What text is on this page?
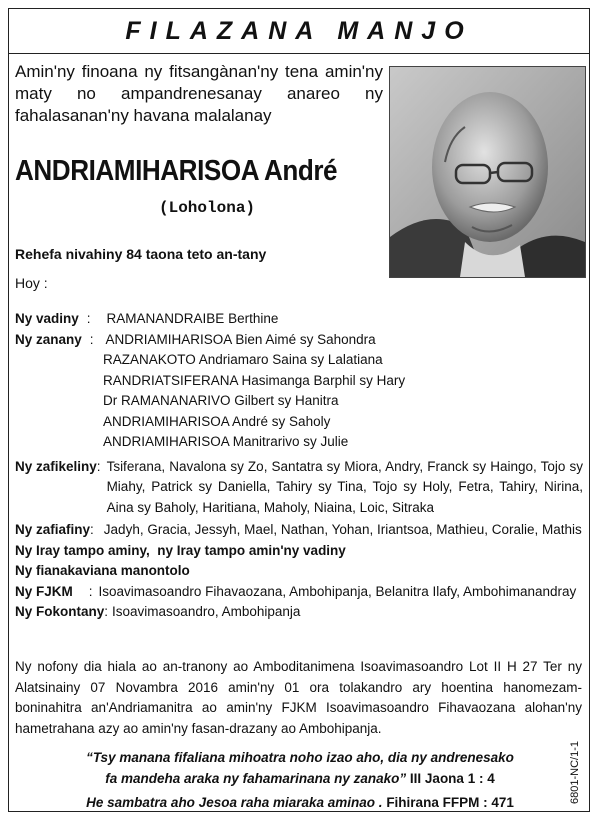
FILAZANA MANJO
Amin'ny finoana ny fitsangànan'ny tena amin'ny maty no ampandrenesanay anareo ny fahalasanan'ny havana malalanay
ANDRIAMIHARISOA André
(Loholona)
Rehefa nivahiny 84 taona teto an-tany
Hoy :
Ny vadiny :	RAMANANDRAIBE Berthine
Ny zanany : ANDRIAMIHARISOA Bien Aimé sy Sahondra
RAZANAKOTO Andriamaro Saina sy Lalatiana
RANDRIATSIFERANA Hasimanga Barphil sy Hary
Dr RAMANANARIVO Gilbert sy Hanitra
ANDRIAMIHARISOA André sy Saholy
ANDRIAMIHARISOA Manitrarivo sy Julie
Ny zafikeliny : Tsiferana, Navalona sy Zo, Santatra sy Miora, Andry, Franck sy Haingo, Tojo sy Miahy, Patrick sy Daniella, Tahiry sy Tina, Tojo sy Holy, Fetra, Tahiry, Nirina, Aina sy Baholy, Haritiana, Maholy, Niaina, Loic, Sitraka
Ny zafiafiny : Jadyh, Gracia, Jessyh, Mael, Nathan, Yohan, Iriantsoa, Mathieu, Coralie, Mathis
Ny Iray tampo aminy,  ny Iray tampo amin'ny vadiny
Ny fianakaviana manontolo
Ny FJKM	: Isoavimasoandro Fihavaozana, Ambohipanja, Belanitra Ilafy, Ambohimanandray
Ny Fokontany : Isoavimasoandro, Ambohipanja
Ny nofony dia hiala ao an-tranony ao Amboditanimena Isoavimasoandro Lot II H 27 Ter ny Alatsinainy 07 Novambra 2016 amin'ny 01 ora tolakandro ary hoentina hanomezam-boninahitra an'Andriamanitra ao amin'ny FJKM Isoavimasoandro Fihavaozana alohan'ny hametrahana azy ao amin'ny fasan-drazany ao Ambohipanja.
“Tsy manana fifaliana mihoatra noho izao aho, dia ny andrenesako
fa mandeha araka ny fahamarinana ny zanako” III Jaona 1 : 4
He sambatra aho Jesoa raha miaraka aminao . Fihirana FFPM : 471	6801-NC/1-1
